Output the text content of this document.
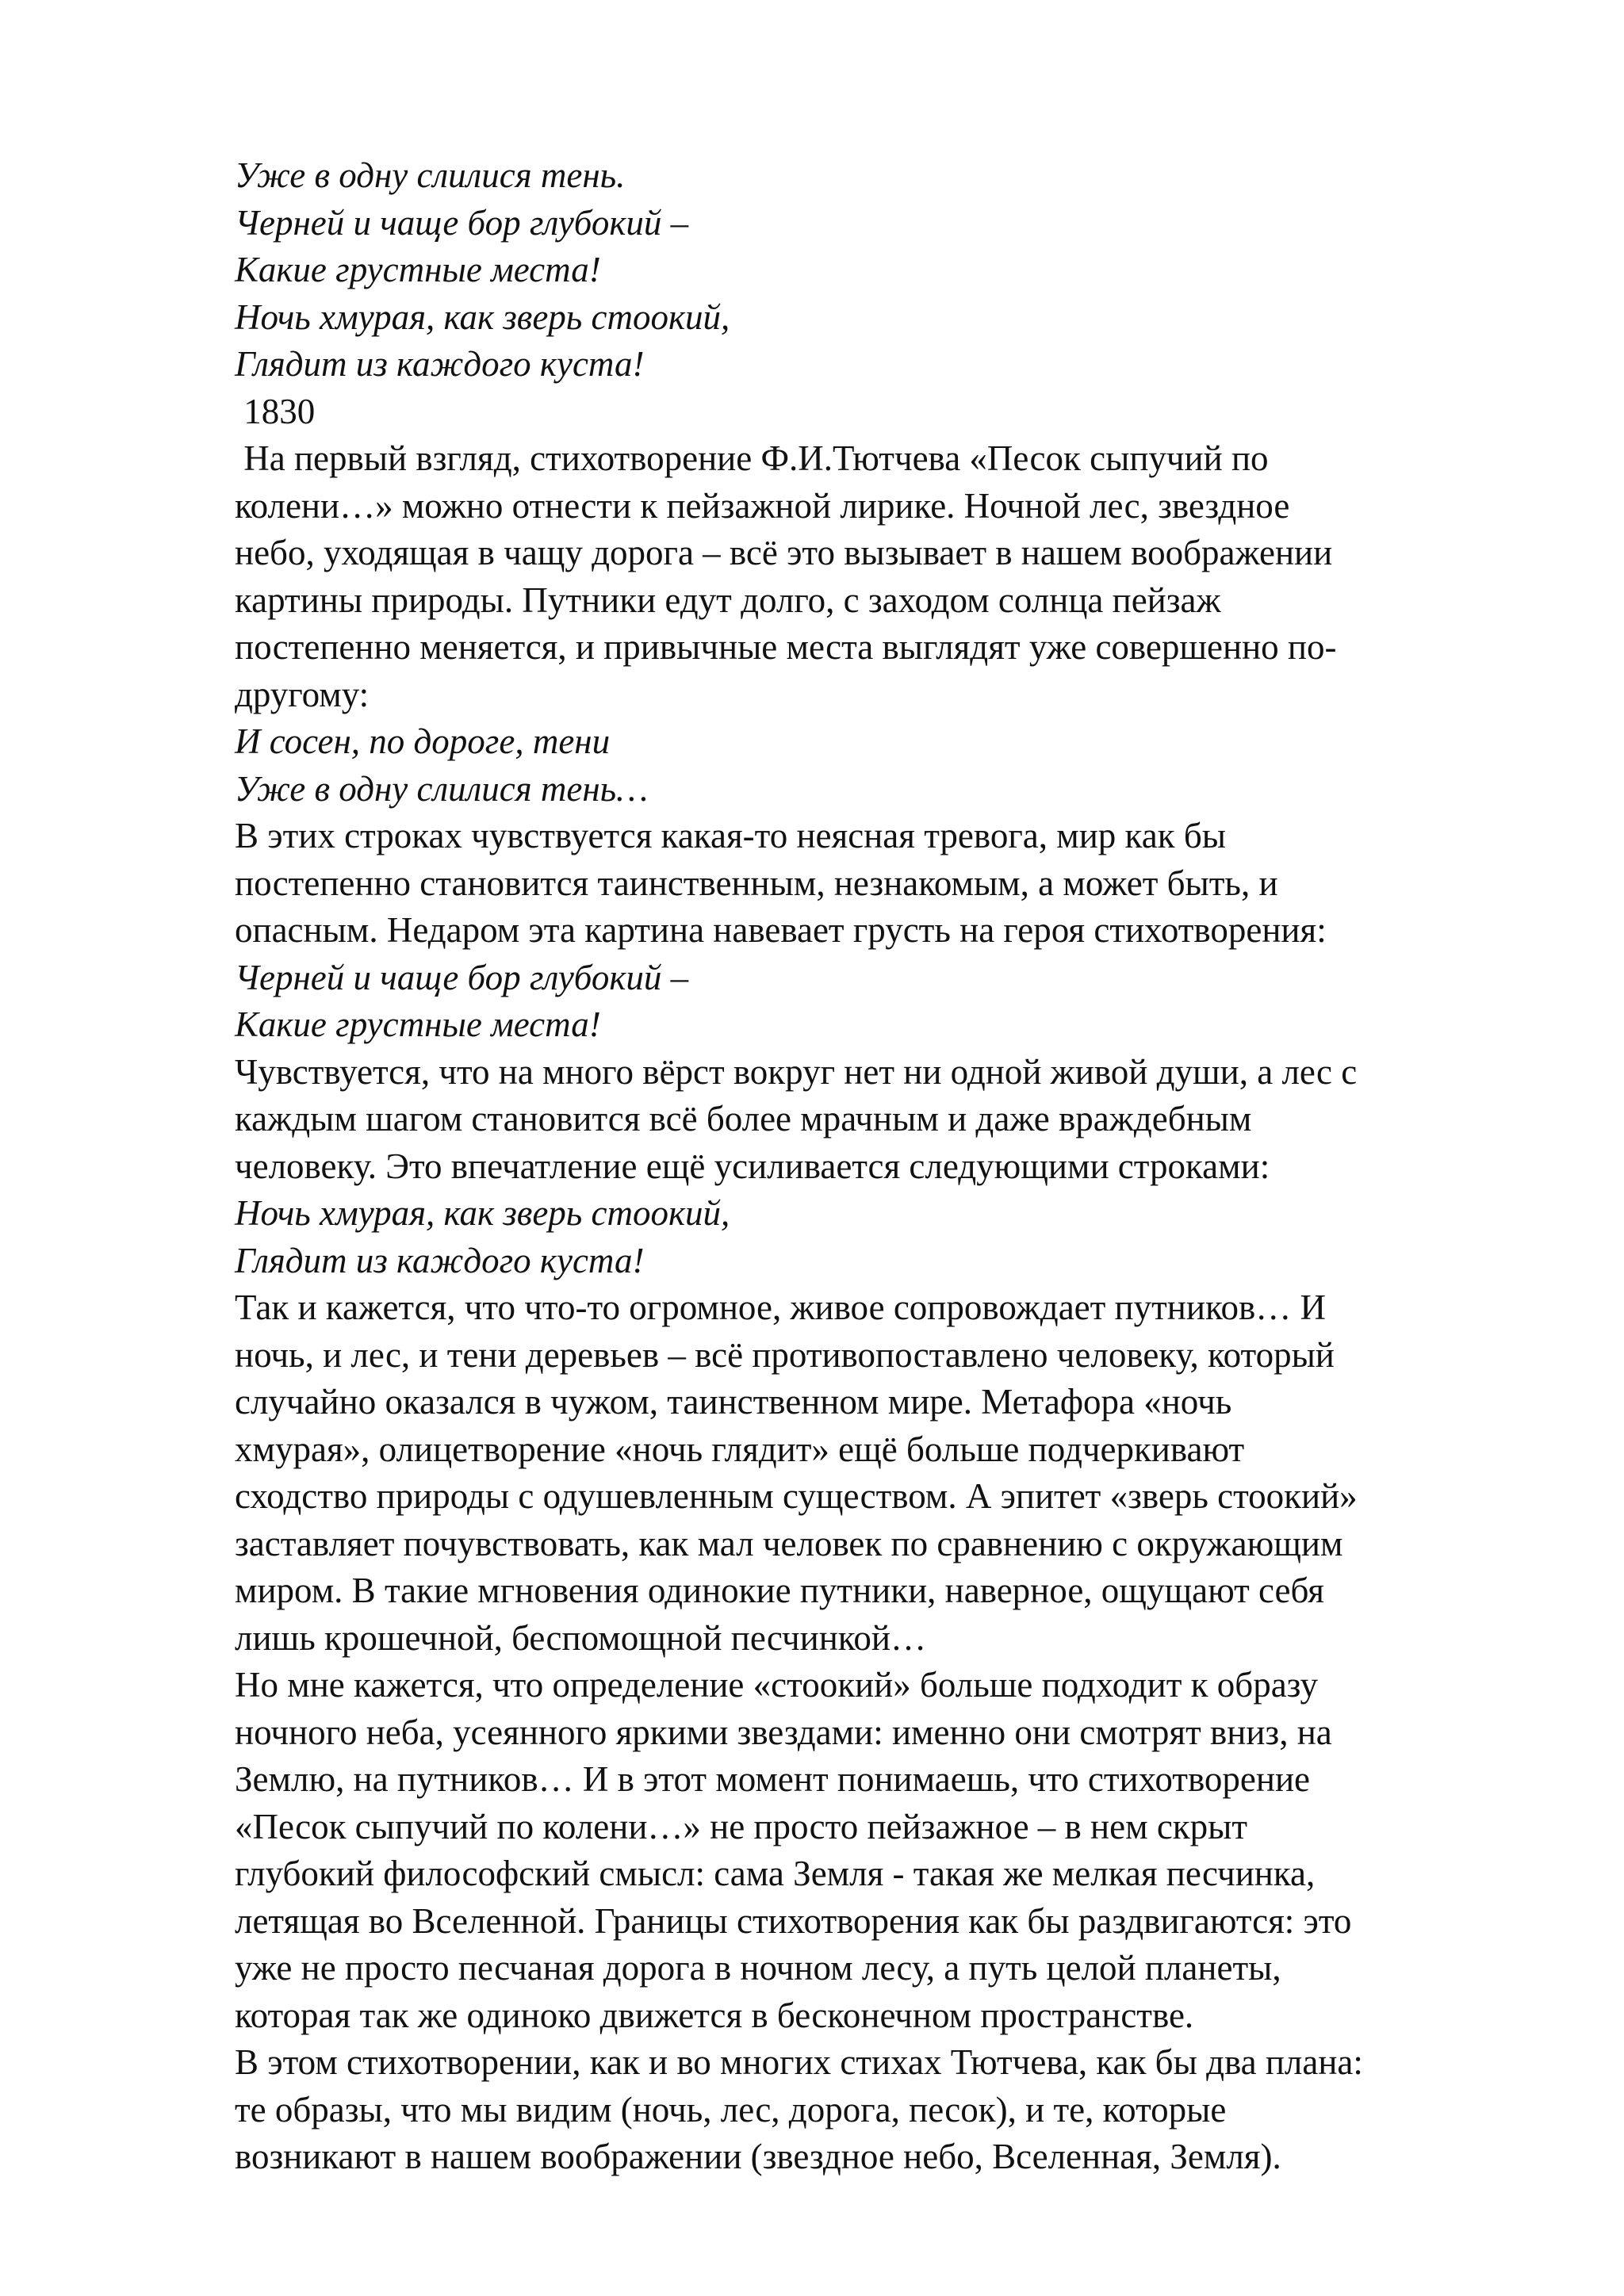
Уже в одну слилися тень.
Черней и чаще бор глубокий –
Какие грустные места!
Ночь хмурая, как зверь стоокий,
Глядит из каждого куста!
1830
На первый взгляд, стихотворение Ф.И.Тютчева «Песок сыпучий по
колени…» можно отнести к пейзажной лирике. Ночной лес, звездное
небо, уходящая в чащу дорога – всё это вызывает в нашем воображении
картины природы. Путники едут долго, с заходом солнца пейзаж
постепенно меняется, и привычные места выглядят уже совершенно по-
другому:
И сосен, по дороге, тени
Уже в одну слилися тень…
В этих строках чувствуется какая-то неясная тревога, мир как бы
постепенно становится таинственным, незнакомым, а может быть, и
опасным. Недаром эта картина навевает грусть на героя стихотворения:
Черней и чаще бор глубокий –
Какие грустные места!
Чувствуется, что на много вёрст вокруг нет ни одной живой души, а лес с
каждым шагом становится всё более мрачным и даже враждебным
человеку. Это впечатление ещё усиливается следующими строками:
Ночь хмурая, как зверь стоокий,
Глядит из каждого куста!
Так и кажется, что что-то огромное, живое сопровождает путников… И
ночь, и лес, и тени деревьев – всё противопоставлено человеку, который
случайно оказался в чужом, таинственном мире. Метафора «ночь
хмурая», олицетворение «ночь глядит» ещё больше подчеркивают
сходство природы с одушевленным существом. А эпитет «зверь стоокий»
заставляет почувствовать, как мал человек по сравнению с окружающим
миром. В такие мгновения одинокие путники, наверное, ощущают себя
лишь крошечной, беспомощной песчинкой…
Но мне кажется, что определение «стоокий» больше подходит к образу
ночного неба, усеянного яркими звездами: именно они смотрят вниз, на
Землю, на путников… И в этот момент понимаешь, что стихотворение
«Песок сыпучий по колени…» не просто пейзажное – в нем скрыт
глубокий философский смысл: сама Земля - такая же мелкая песчинка,
летящая во Вселенной. Границы стихотворения как бы раздвигаются: это
уже не просто песчаная дорога в ночном лесу, а путь целой планеты,
которая так же одиноко движется в бесконечном пространстве.
В этом стихотворении, как и во многих стихах Тютчева, как бы два плана:
те образы, что мы видим (ночь, лес, дорога, песок), и те, которые
возникают в нашем воображении (звездное небо, Вселенная, Земля).
